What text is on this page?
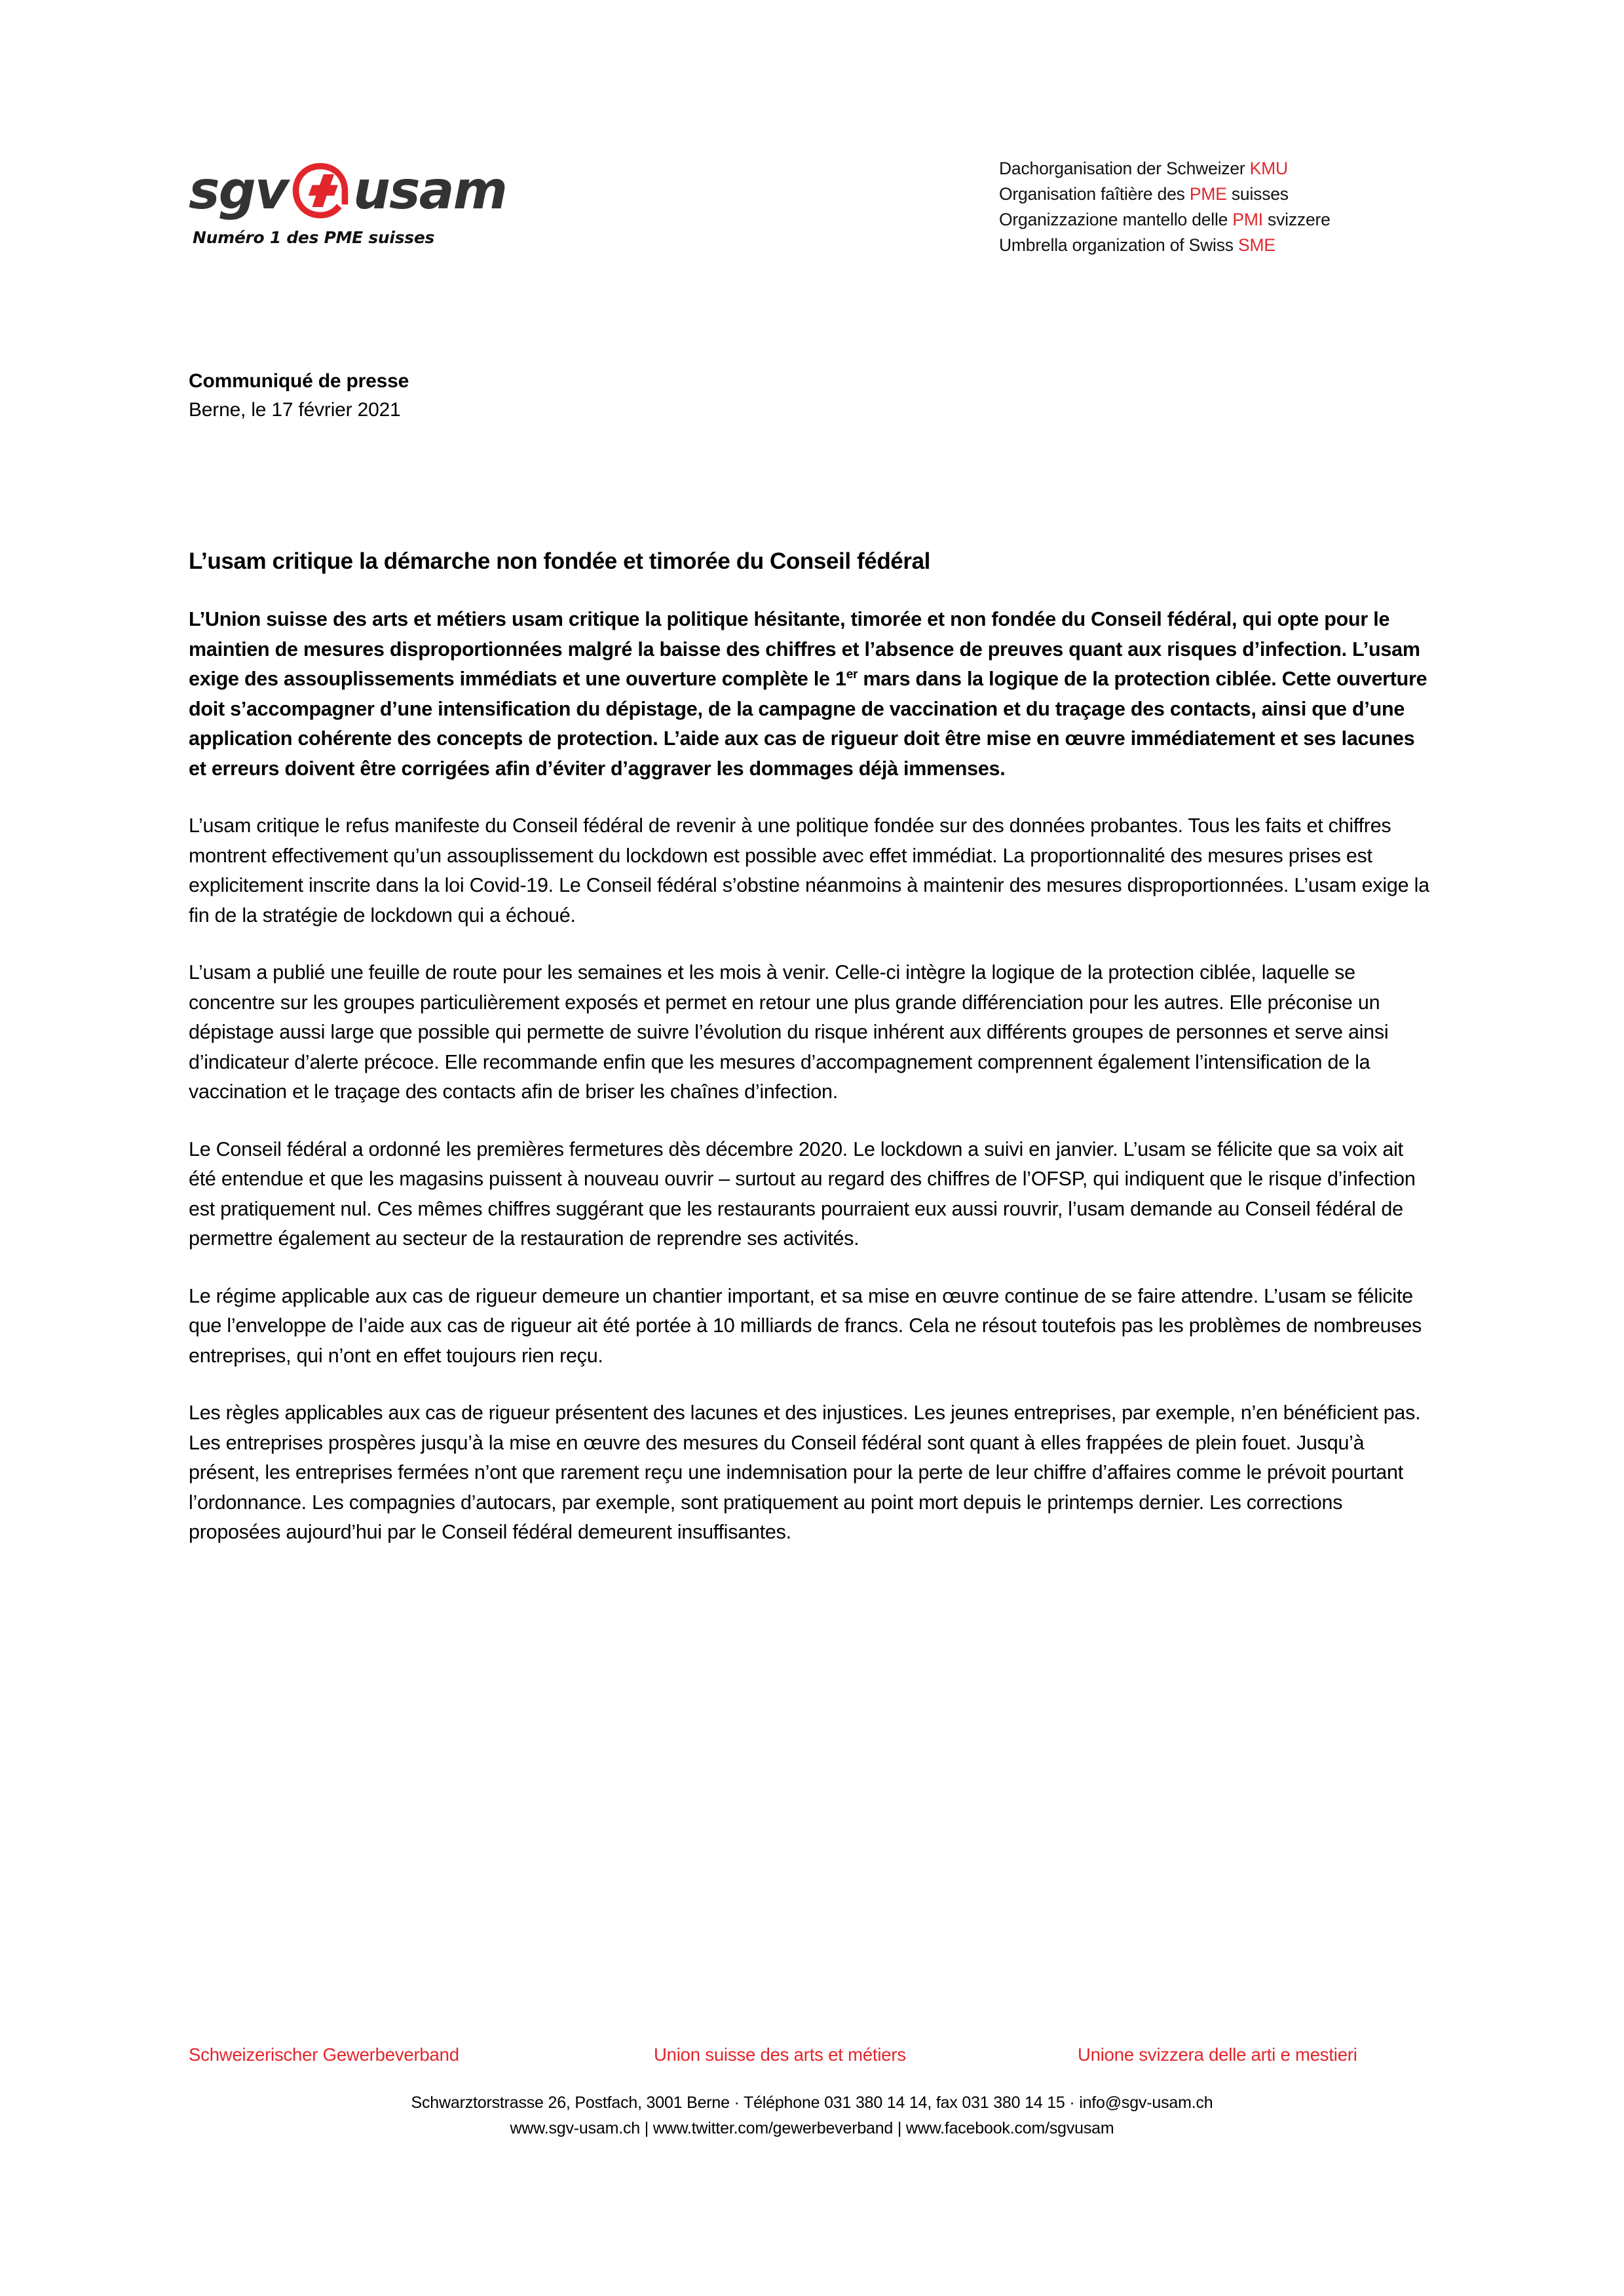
sgv usam
Numéro 1 des PME suisses
Dachorganisation der Schweizer KMU
Organisation faîtière des PME suisses
Organizzazione mantello delle PMI svizzere
Umbrella organization of Swiss SME
Communiqué de presse
Berne, le 17 février 2021
L’usam critique la démarche non fondée et timorée du Conseil fédéral

L’Union suisse des arts et métiers usam critique la politique hésitante, timorée et non fondée du Conseil fédéral, qui opte pour le maintien de mesures disproportionnées malgré la baisse des chiffres et l’absence de preuves quant aux risques d’infection. L’usam exige des assouplissements immédiats et une ouverture complète le 1er mars dans la logique de la protection ciblée. Cette ouverture doit s’accompagner d’une intensification du dépistage, de la campagne de vaccination et du traçage des contacts, ainsi que d’une application cohérente des concepts de protection. L’aide aux cas de rigueur doit être mise en œuvre immédiatement et ses lacunes et erreurs doivent être corrigées afin d’éviter d’aggraver les dommages déjà immenses.

L’usam critique le refus manifeste du Conseil fédéral de revenir à une politique fondée sur des données probantes. Tous les faits et chiffres montrent effectivement qu’un assouplissement du lockdown est possible avec effet immédiat. La proportionnalité des mesures prises est explicitement inscrite dans la loi Covid-19. Le Conseil fédéral s’obstine néanmoins à maintenir des mesures disproportionnées. L’usam exige la fin de la stratégie de lockdown qui a échoué.

L’usam a publié une feuille de route pour les semaines et les mois à venir. Celle-ci intègre la logique de la protection ciblée, laquelle se concentre sur les groupes particulièrement exposés et permet en retour une plus grande différenciation pour les autres. Elle préconise un dépistage aussi large que possible qui permette de suivre l’évolution du risque inhérent aux différents groupes de personnes et serve ainsi d’indicateur d’alerte précoce. Elle recommande enfin que les mesures d’accompagnement comprennent également l’intensification de la vaccination et le traçage des contacts afin de briser les chaînes d’infection.

Le Conseil fédéral a ordonné les premières fermetures dès décembre 2020. Le lockdown a suivi en janvier. L’usam se félicite que sa voix ait été entendue et que les magasins puissent à nouveau ouvrir – surtout au regard des chiffres de l’OFSP, qui indiquent que le risque d’infection est pratiquement nul. Ces mêmes chiffres suggérant que les restaurants pourraient eux aussi rouvrir, l’usam demande au Conseil fédéral de permettre également au secteur de la restauration de reprendre ses activités.

Le régime applicable aux cas de rigueur demeure un chantier important, et sa mise en œuvre continue de se faire attendre. L’usam se félicite que l’enveloppe de l’aide aux cas de rigueur ait été portée à 10 milliards de francs. Cela ne résout toutefois pas les problèmes de nombreuses entreprises, qui n’ont en effet toujours rien reçu.

Les règles applicables aux cas de rigueur présentent des lacunes et des injustices. Les jeunes entreprises, par exemple, n’en bénéficient pas. Les entreprises prospères jusqu’à la mise en œuvre des mesures du Conseil fédéral sont quant à elles frappées de plein fouet. Jusqu’à présent, les entreprises fermées n’ont que rarement reçu une indemnisation pour la perte de leur chiffre d’affaires comme le prévoit pourtant l’ordonnance. Les compagnies d’autocars, par exemple, sont pratiquement au point mort depuis le printemps dernier. Les corrections proposées aujourd’hui par le Conseil fédéral demeurent insuffisantes.

Schweizerischer Gewerbeverband	Union suisse des arts et métiers	Unione svizzera delle arti e mestieri
Schwarztorstrasse 26, Postfach, 3001 Berne · Téléphone 031 380 14 14, fax 031 380 14 15 · info@sgv-usam.ch
www.sgv-usam.ch | www.twitter.com/gewerbeverband | www.facebook.com/sgvusam
